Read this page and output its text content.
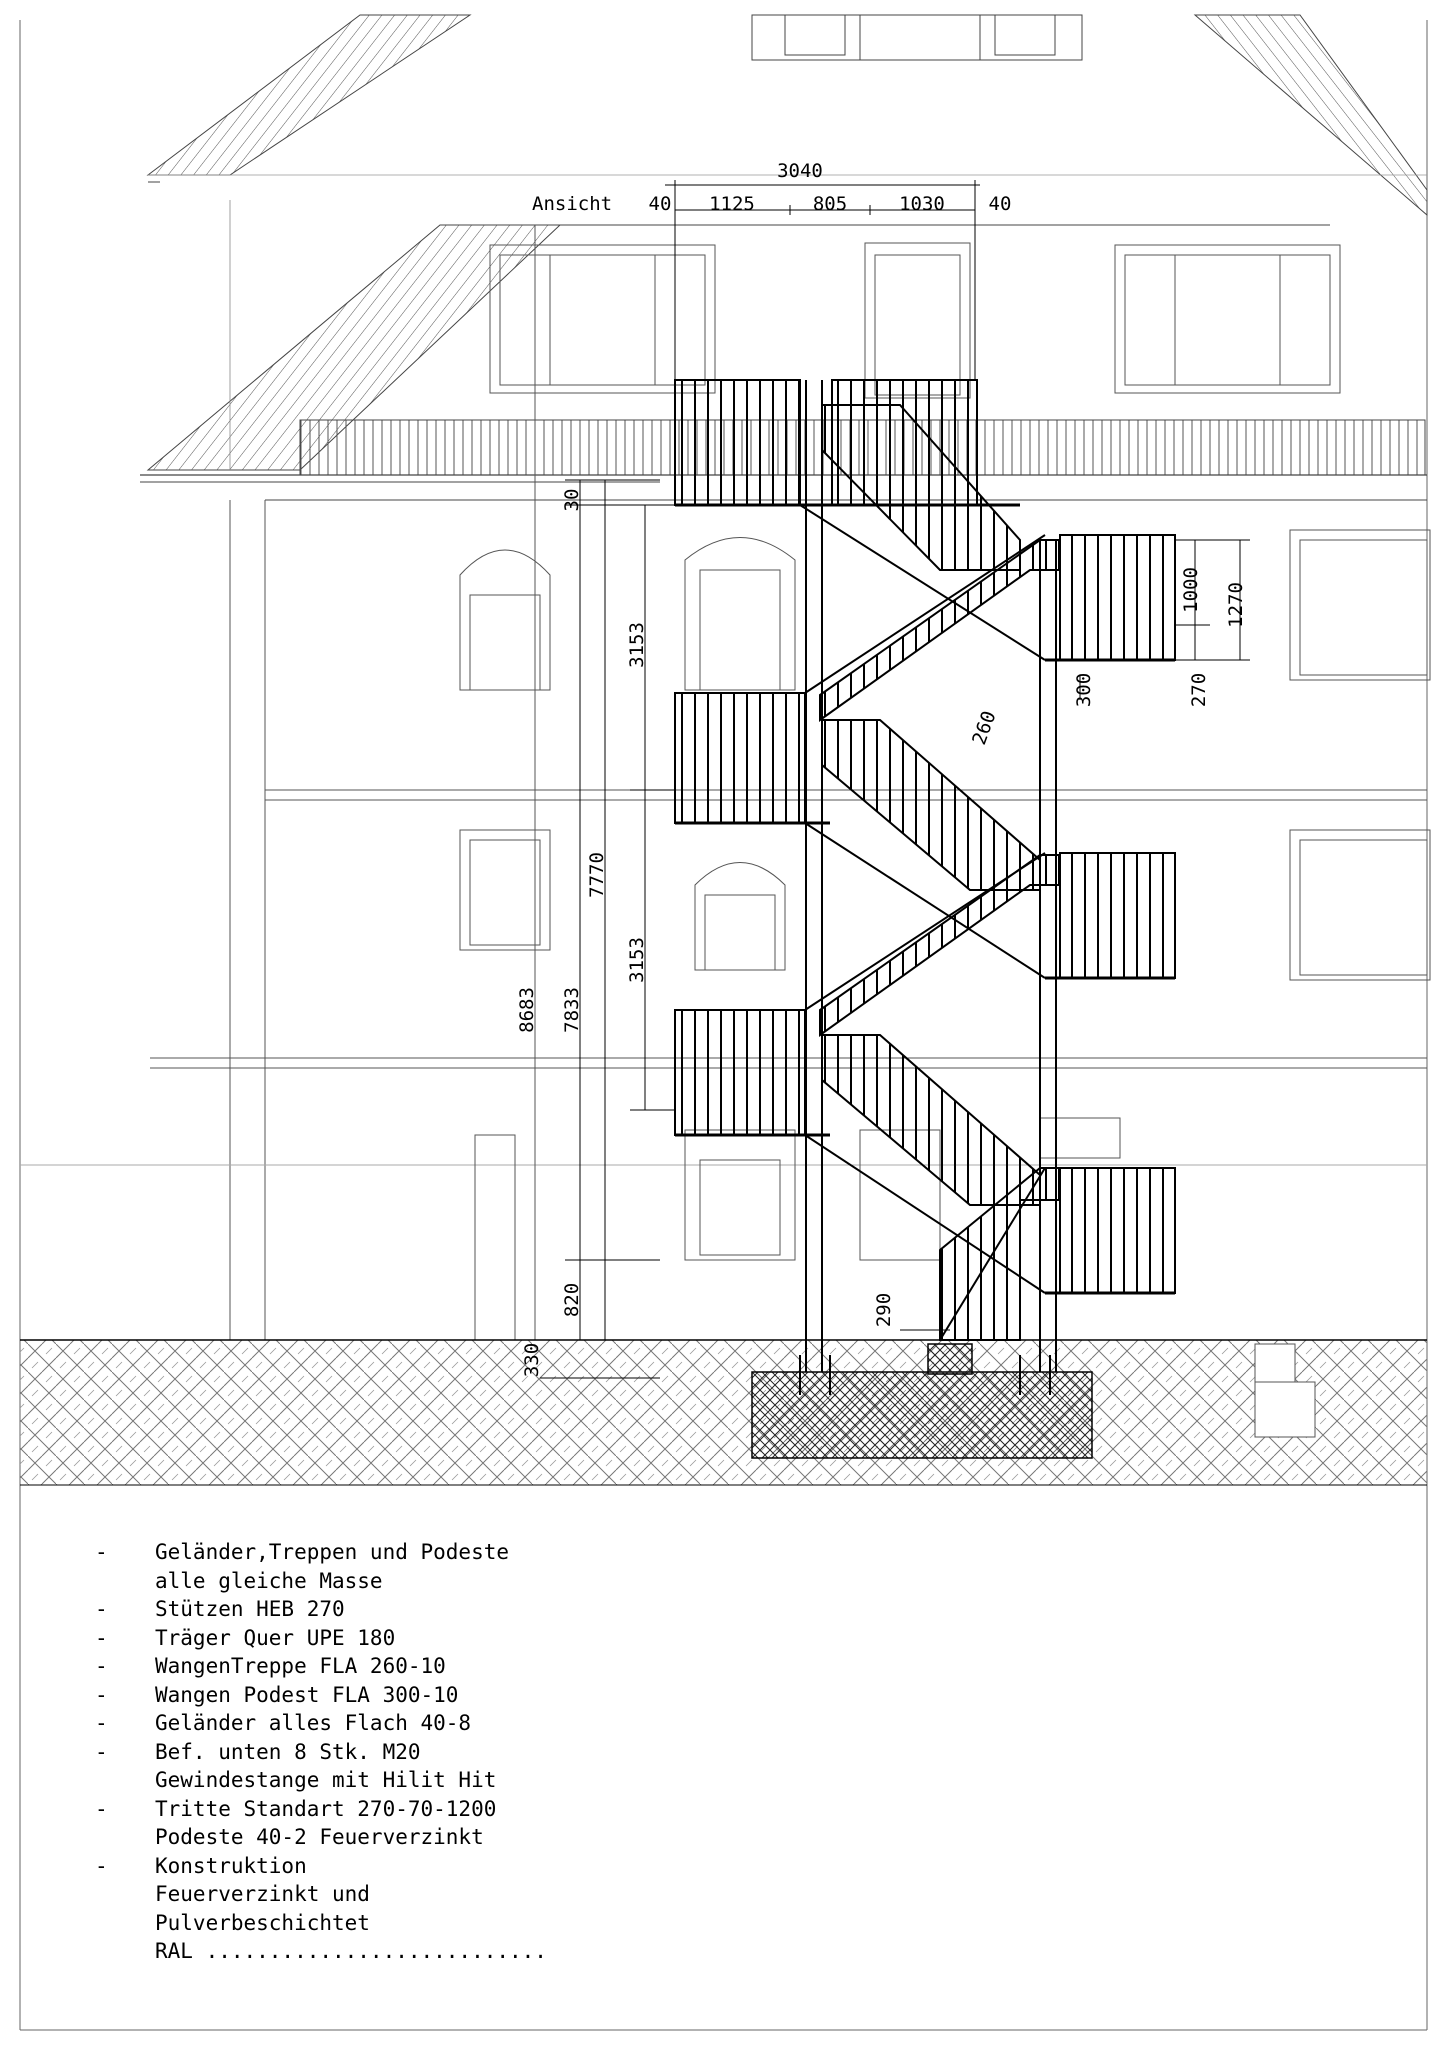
Ansicht
3040
40 1125	805	1030 40
1000 1270
270
300
260
30
3153
3153
7770
7833
8683
820
330
290
-	Geländer,Treppen und Podeste
alle gleiche Masse
-	Stützen HEB 270
-	Träger Quer UPE 180
-	WangenTreppe FLA 260-10
-	Wangen Podest FLA 300-10
-	Geländer alles Flach 40-8
-	Bef. unten 8 Stk. M20
Gewindestange mit Hilit Hit
-	Tritte Standart 270-70-1200
Podeste 40-2 Feuerverzinkt
-	Konstruktion
Feuerverzinkt und
Pulverbeschichtet
RAL ...........................
